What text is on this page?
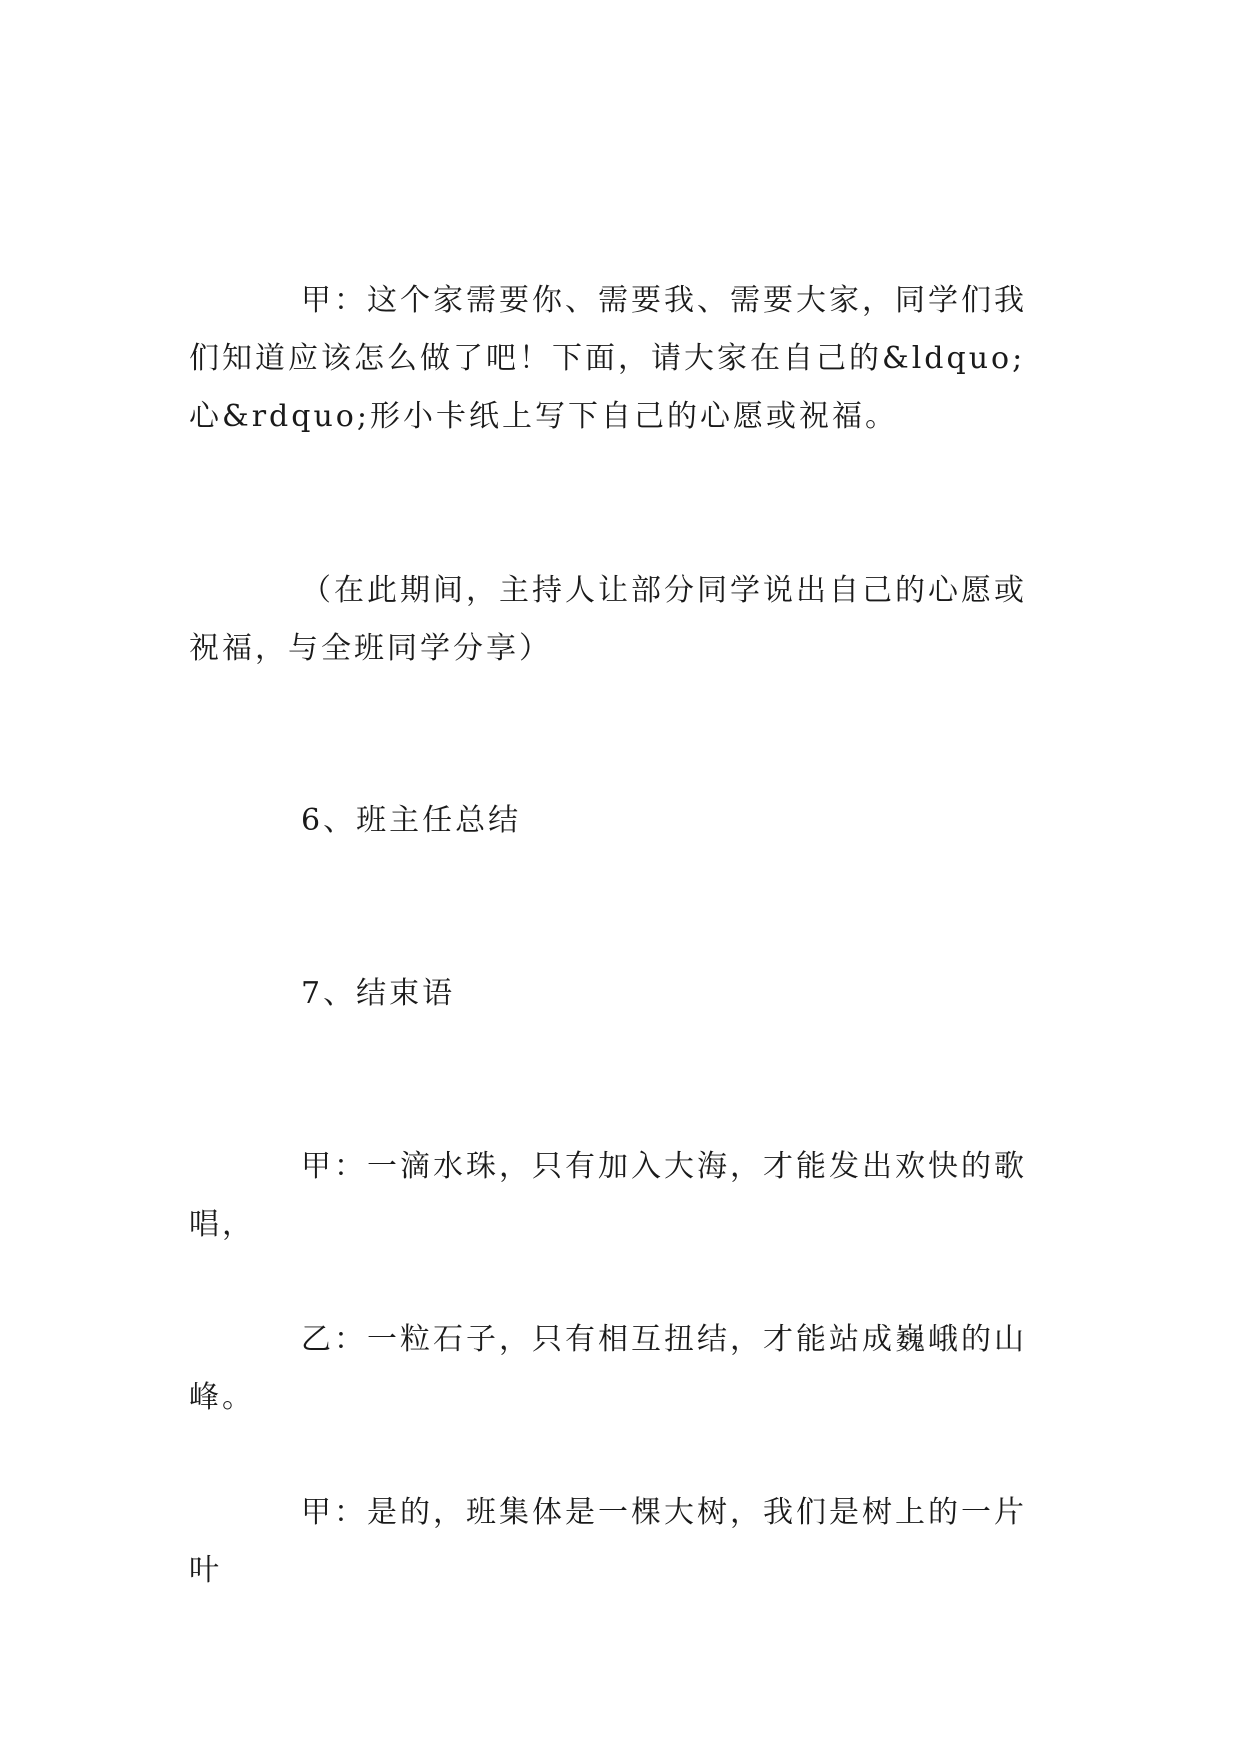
甲：这个家需要你、需要我、需要大家，同学们我们知道应该怎么做了吧！下面，请大家在自己的&ldquo;心&rdquo;形小卡纸上写下自己的心愿或祝福。

（在此期间，主持人让部分同学说出自己的心愿或祝福，与全班同学分享）

6、班主任总结

7、结束语

甲：一滴水珠，只有加入大海，才能发出欢快的歌唱，

乙：一粒石子，只有相互扭结，才能站成巍峨的山峰。

甲：是的，班集体是一棵大树，我们是树上的一片叶
